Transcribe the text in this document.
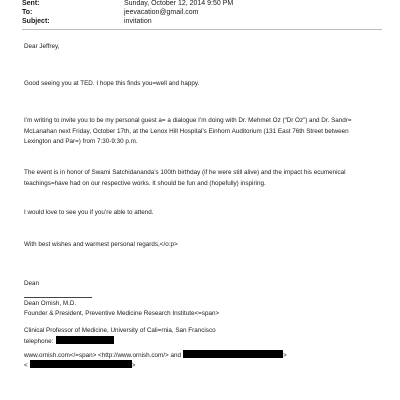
Sent:	Sunday, October 12, 2014 9:50 PM
To:	jeevacation@gmail.com
Subject:	invitation
Dear Jeffrey,
Good seeing you at TED. I hope this finds you=well and happy.
I’m writing to invite you to be my personal guest a= a dialogue I’m doing with Dr. Mehmet Oz (“Dr Oz”) and Dr. Sandr= McLanahan next Friday, October 17th, at the Lenox Hill Hospital’s Einhorn Auditorium (131 East 76th Street between Lexington and Par=) from 7:30-9:30 p.m.
The event is in honor of Swami Satchidananda’s 100th birthday (if he were still alive) and the impact his ecumenical teachings=have had on our respective works. It should be fun and (hopefully) inspiring.
I would love to see you if you’re able to attend.
With best wishes and warmest personal regards,</o:p>
Dean
Dean Ornish, M.D.
Founder & President, Preventive Medicine Research Institute<=span>
Clinical Professor of Medicine, University of Cali=rnia, San Francisco
telephone:
www.ornish.com</=span> <http://www.ornish.com/> and	>
<	>
